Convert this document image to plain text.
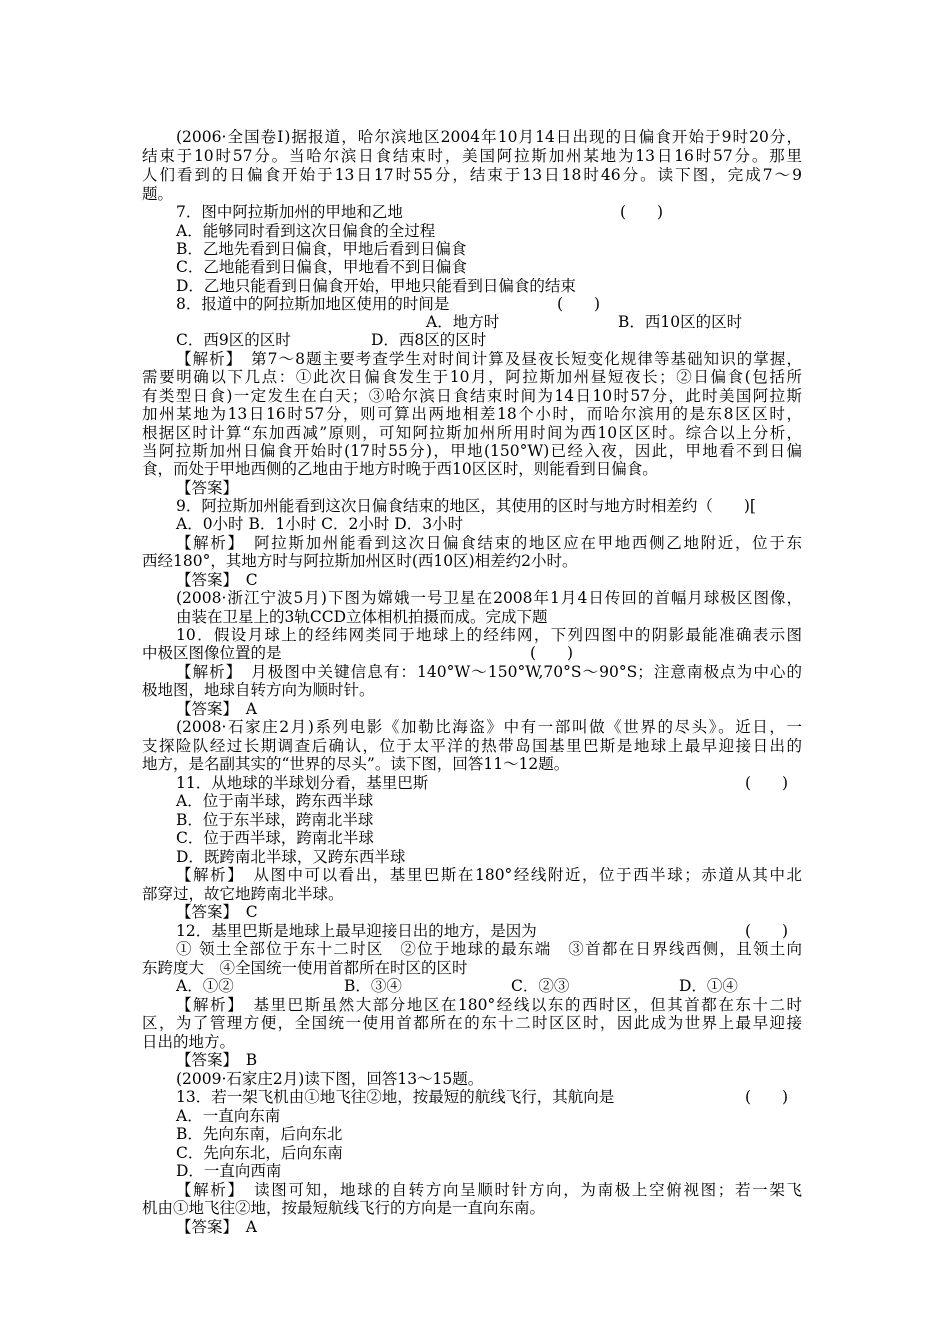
(2006·全国卷Ⅰ)据报道，哈尔滨地区2004年10月14日出现的日偏食开始于9时20分，
结束于10时57分。当哈尔滨日食结束时，美国阿拉斯加州某地为13日16时57分。那里
人们看到的日偏食开始于13日17时55分，结束于13日18时46分。读下图，完成7～9
题。
7．图中阿拉斯加州的甲地和乙地	(　　)
A．能够同时看到这次日偏食的全过程
B．乙地先看到日偏食，甲地后看到日偏食
C．乙地能看到日偏食，甲地看不到日偏食
D．乙地只能看到日偏食开始，甲地只能看到日偏食的结束
8．报道中的阿拉斯加地区使用的时间是	(　　)
A．地方时	B．西10区的区时
C．西9区的区时	D．西8区的区时
【解析】　第7～8题主要考查学生对时间计算及昼夜长短变化规律等基础知识的掌握，
需要明确以下几点：①此次日偏食发生于10月，阿拉斯加州昼短夜长；②日偏食(包括所
有类型日食)一定发生在白天；③哈尔滨日食结束时间为14日10时57分，此时美国阿拉斯
加州某地为13日16时57分，则可算出两地相差18个小时，而哈尔滨用的是东8区区时，
根据区时计算“东加西减”原则，可知阿拉斯加州所用时间为西10区区时。综合以上分析，
当阿拉斯加州日偏食开始时(17时55分)，甲地(150°W)已经入夜，因此，甲地看不到日偏
食，而处于甲地西侧的乙地由于地方时晚于西10区区时，则能看到日偏食。
【答案】
9．阿拉斯加州能看到这次日偏食结束的地区，其使用的区时与地方时相差约（　　)[
A．0小时 B．1小时 C．2小时 D．3小时
【解析】　阿拉斯加州能看到这次日偏食结束的地区应在甲地西侧乙地附近，位于东
西经180°，其地方时与阿拉斯加州区时(西10区)相差约2小时。
【答案】　C
(2008·浙江宁波5月)下图为嫦娥一号卫星在2008年1月4日传回的首幅月球极区图像，
由装在卫星上的3轨CCD立体相机拍摄而成。完成下题
10．假设月球上的经纬网类同于地球上的经纬网，下列四图中的阴影最能准确表示图
中极区图像位置的是	(　　)
【解析】　月极图中关键信息有：140°W～150°W,70°S～90°S；注意南极点为中心的
极地图，地球自转方向为顺时针。
【答案】　A
(2008·石家庄2月)系列电影《加勒比海盗》中有一部叫做《世界的尽头》。近日，一
支探险队经过长期调查后确认，位于太平洋的热带岛国基里巴斯是地球上最早迎接日出的
地方，是名副其实的“世界的尽头”。读下图，回答11～12题。
11．从地球的半球划分看，基里巴斯	(　　)
A．位于南半球，跨东西半球
B．位于东半球，跨南北半球
C．位于西半球，跨南北半球
D．既跨南北半球，又跨东西半球
【解析】　从图中可以看出，基里巴斯在180°经线附近，位于西半球；赤道从其中北
部穿过，故它地跨南北半球。
【答案】　C
12．基里巴斯是地球上最早迎接日出的地方，是因为	(　　)
① 领土全部位于东十二时区　②位于地球的最东端　③首都在日界线西侧，且领土向
东跨度大　④全国统一使用首都所在时区的区时
A．①②	B．③④	C．②③	D．①④
【解析】　基里巴斯虽然大部分地区在180°经线以东的西时区，但其首都在东十二时
区，为了管理方便，全国统一使用首都所在的东十二时区区时，因此成为世界上最早迎接
日出的地方。
【答案】　B
(2009·石家庄2月)读下图，回答13～15题。
13．若一架飞机由①地飞往②地，按最短的航线飞行，其航向是	(　　)
A．一直向东南
B．先向东南，后向东北
C．先向东北，后向东南
D．一直向西南
【解析】　读图可知，地球的自转方向呈顺时针方向，为南极上空俯视图；若一架飞
机由①地飞往②地，按最短航线飞行的方向是一直向东南。
【答案】　A
